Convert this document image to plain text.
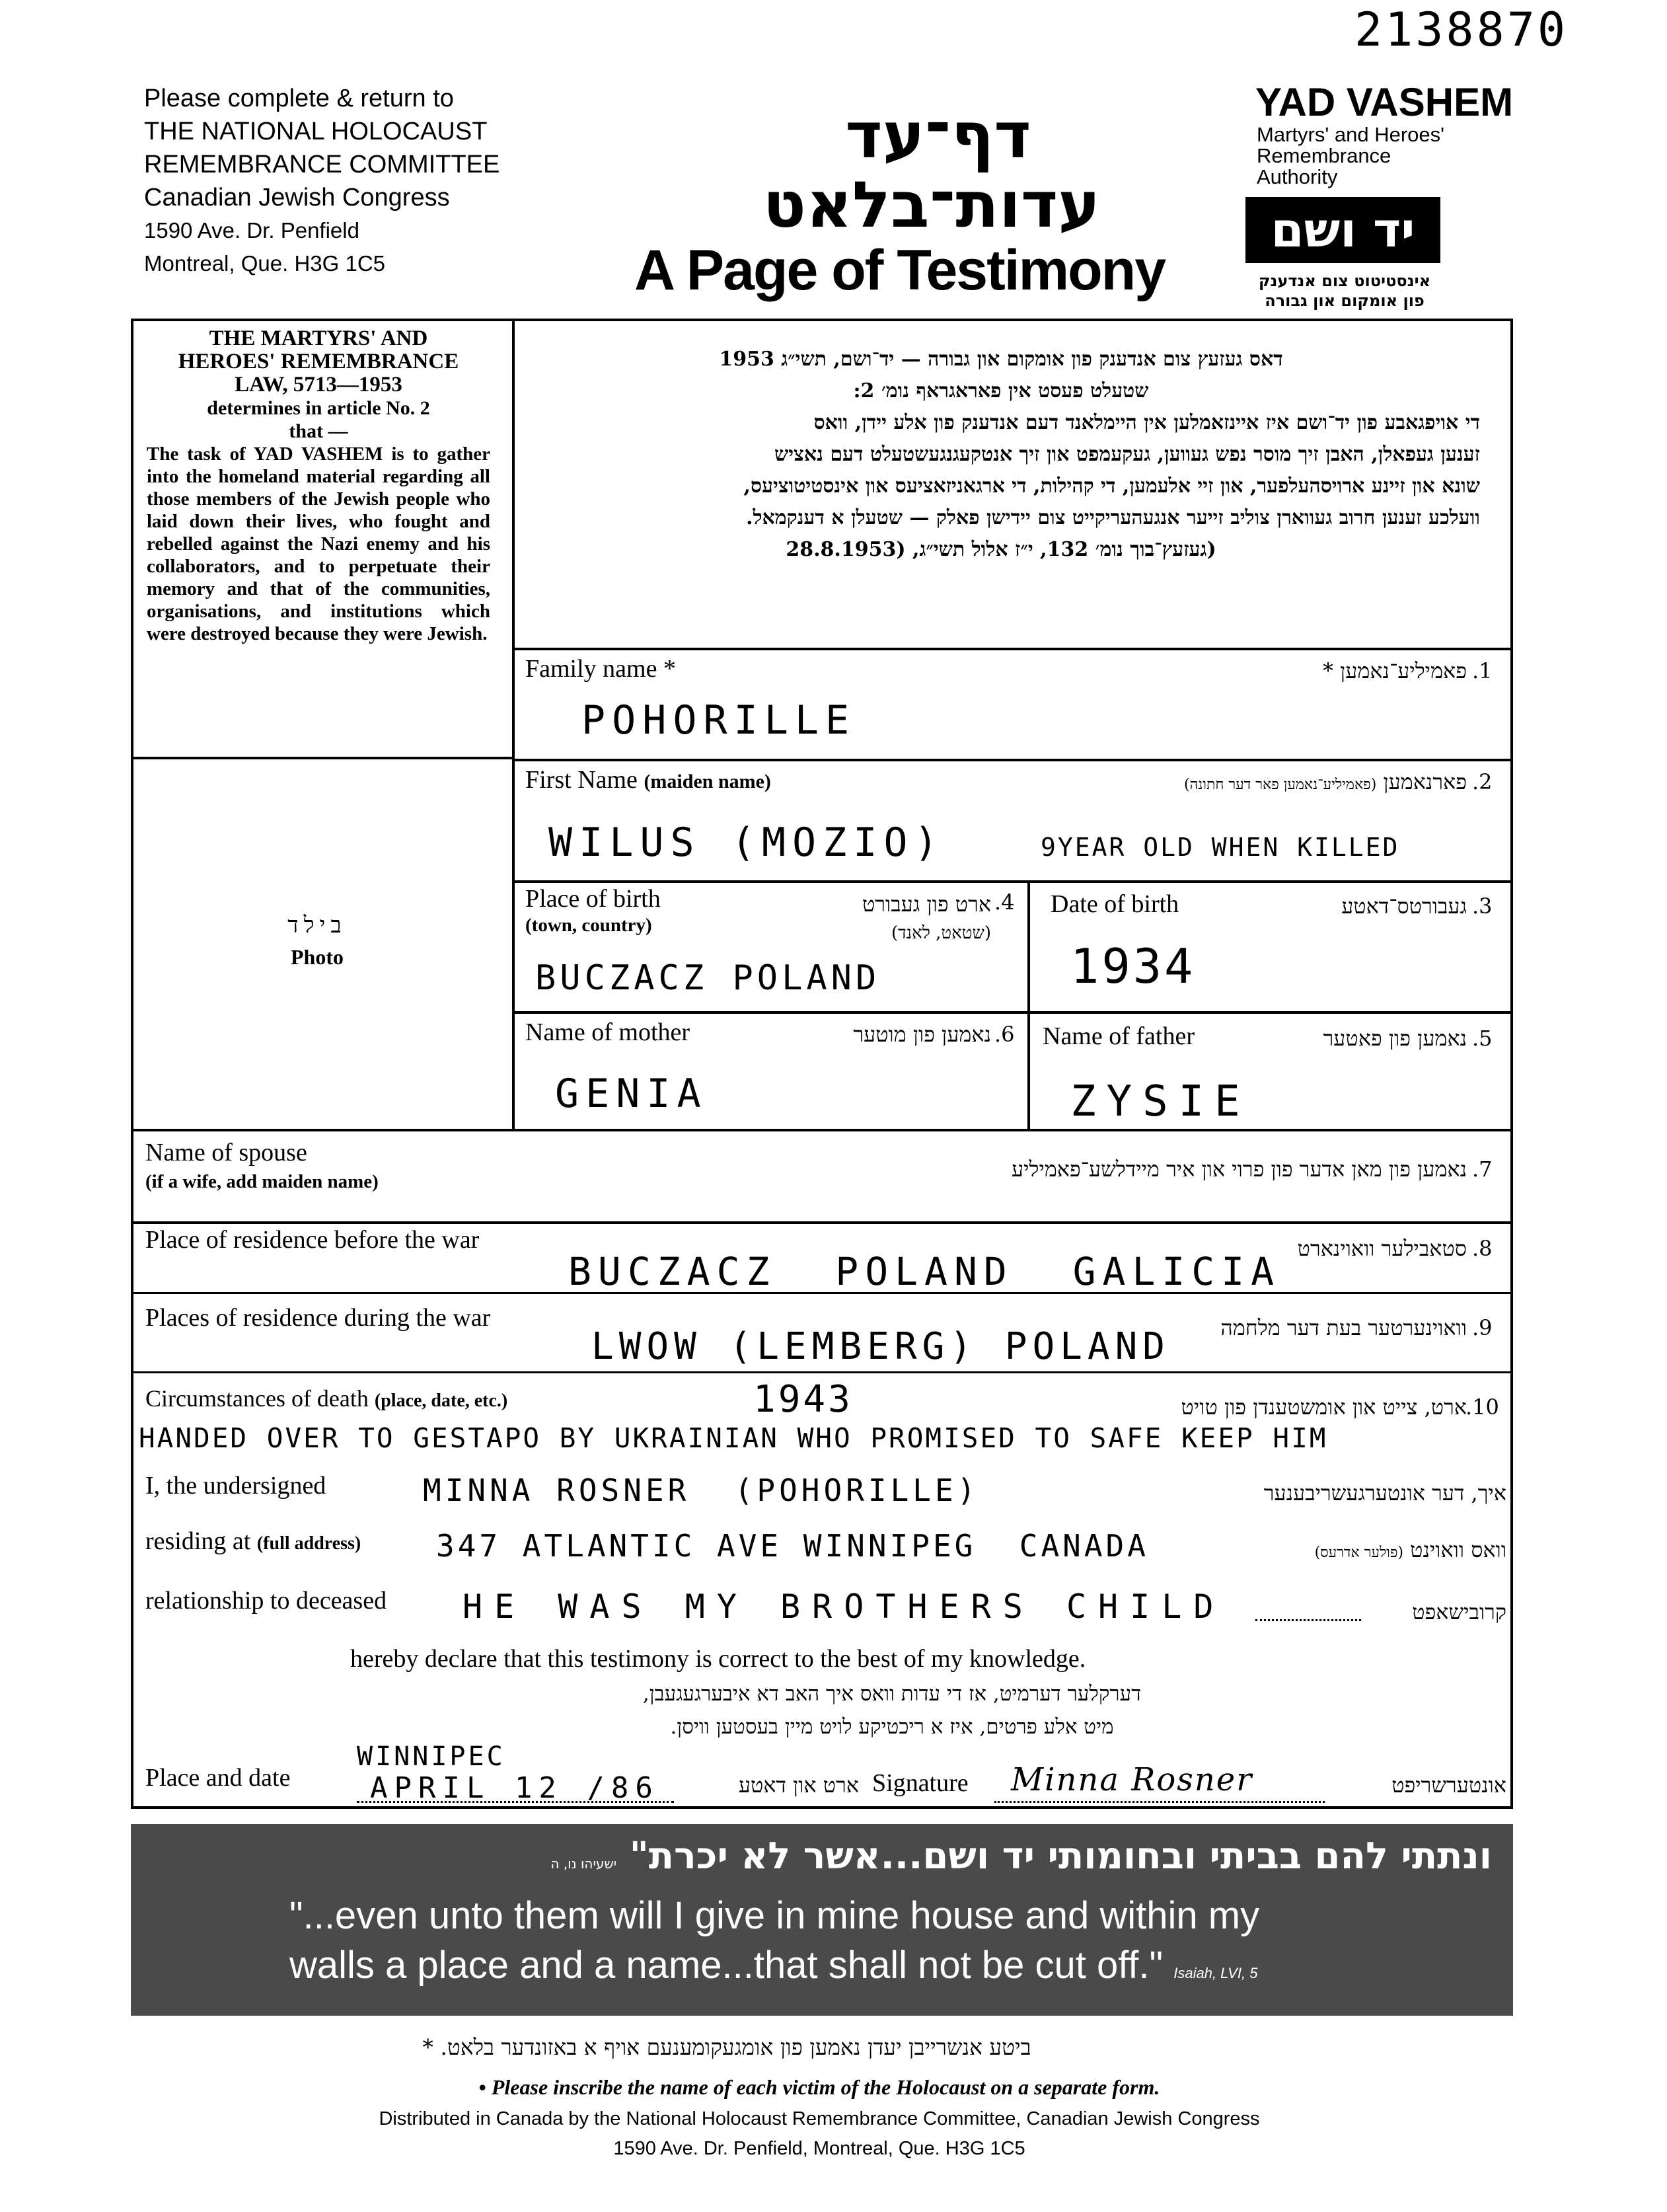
2138870
Please complete & return to
THE NATIONAL HOLOCAUST
REMEMBRANCE COMMITTEE
Canadian Jewish Congress
1590 Ave. Dr. Penfield
Montreal, Que. H3G 1C5
דף־עד
עדות־בלאט
A Page of Testimony
YAD VASHEM
Martyrs' and Heroes'
Remembrance
Authority
יד ושם
אינסטיטוט צום אנדענק
פון אומקום און גבורה
THE MARTYRS' AND
HEROES' REMEMBRANCE
LAW, 5713—1953
determines in article No. 2
that —
The task of YAD VASHEM is to gather into the homeland material regarding all those members of the Jewish people who laid down their lives, who fought and rebelled against the Nazi enemy and his collaborators, and to perpetuate their memory and that of the communities, organisations, and institutions which were destroyed because they were Jewish.
דאס געזעץ צום אנדענק פון אומקום און גבורה — יד־ושם, תשי״ג 1953
שטעלט פעסט אין פאראגראף נומ׳ 2:
די אויפגאבע פון יד־ושם איז איינזאמלען אין היימלאנד דעם אנדענק פון אלע יידן, וואס
זענען געפאלן, האבן זיך מוסר נפש געווען, געקעמפט און זיך אנטקעגנגעשטעלט דעם נאציש
שונא און זיינע ארויסהעלפער, און זיי אלעמען, די קהילות, די ארגאניזאציעס און אינסטיטוציעס,
וועלכע זענען חרוב געווארן צוליב זייער אנגעהעריקייט צום יידישן פאלק — שטעלן א דענקמאל.
(געזעץ־בוך נומ׳ 132, י״ז אלול תשי״ג, (28.8.1953
בילד
Photo
Family name *	פאמיליע־נאמען * .1
POHORILLE
First Name (maiden name)	פארנאמען (פאמיליע־נאמען פאר דער חתונה)	.2
WILUS (MOZIO)	9YEAR OLD WHEN KILLED
Place of birth
(town, country)
ארט פון געבורט
(שטאט, לאנד)
.4
BUCZACZ POLAND
Date of birth	געבורטס־דאטע .3
1934
Name of mother	נאמען פון מוטער .6
GENIA
Name of father	נאמען פון פאטער .5
ZYSIE
Name of spouse
(if a wife, add maiden name)	נאמען פון מאן אדער פון פרוי און איר מיידלשע־פאמיליע .7
Place of residence before the war	סטאבילער וואוינארט .8
BUCZACZ  POLAND  GALICIA
Places of residence during the war	וואוינערטער בעת דער מלחמה .9
LWOW (LEMBERG) POLAND
Circumstances of death (place, date, etc.)	1943	ארט, צייט און אומשטענדן פון טויט
.10
HANDED OVER TO GESTAPO BY UKRAINIAN WHO PROMISED TO SAFE KEEP HIM
I, the undersigned	MINNA ROSNER  (POHORILLE)	איך, דער אונטערגעשריבענער
residing at (full address) 347 ATLANTIC AVE WINNIPEG  CANADA	וואס וואוינט (פולער אדרעס)
relationship to deceased HE WAS MY BROTHERS CHILD	קרובישאפט
hereby declare that this testimony is correct to the best of my knowledge.
דערקלער דערמיט, אז די עדות וואס איך האב דא איבערגעגעבן,
מיט אלע פרטים, איז א ריכטיקע לויט מיין בעסטען וויסן.
Place and date
WINNIPEC
APRIL 12 /86	ארט און דאטע Signature Minna Rosner	אונטערשריפט
ונתתי להם בביתי ובחומותי יד ושם...אשר לא יכרת" ישעיהו נו, ה
"...even unto them will I give in mine house and within my
walls a place and a name...that shall not be cut off." Isaiah, LVI, 5
ביטע אנשרייבן יעדן נאמען פון אומגעקומענעם אויף א באזונדער בלאט. *
• Please inscribe the name of each victim of the Holocaust on a separate form.
Distributed in Canada by the National Holocaust Remembrance Committee, Canadian Jewish Congress
1590 Ave. Dr. Penfield, Montreal, Que. H3G 1C5
